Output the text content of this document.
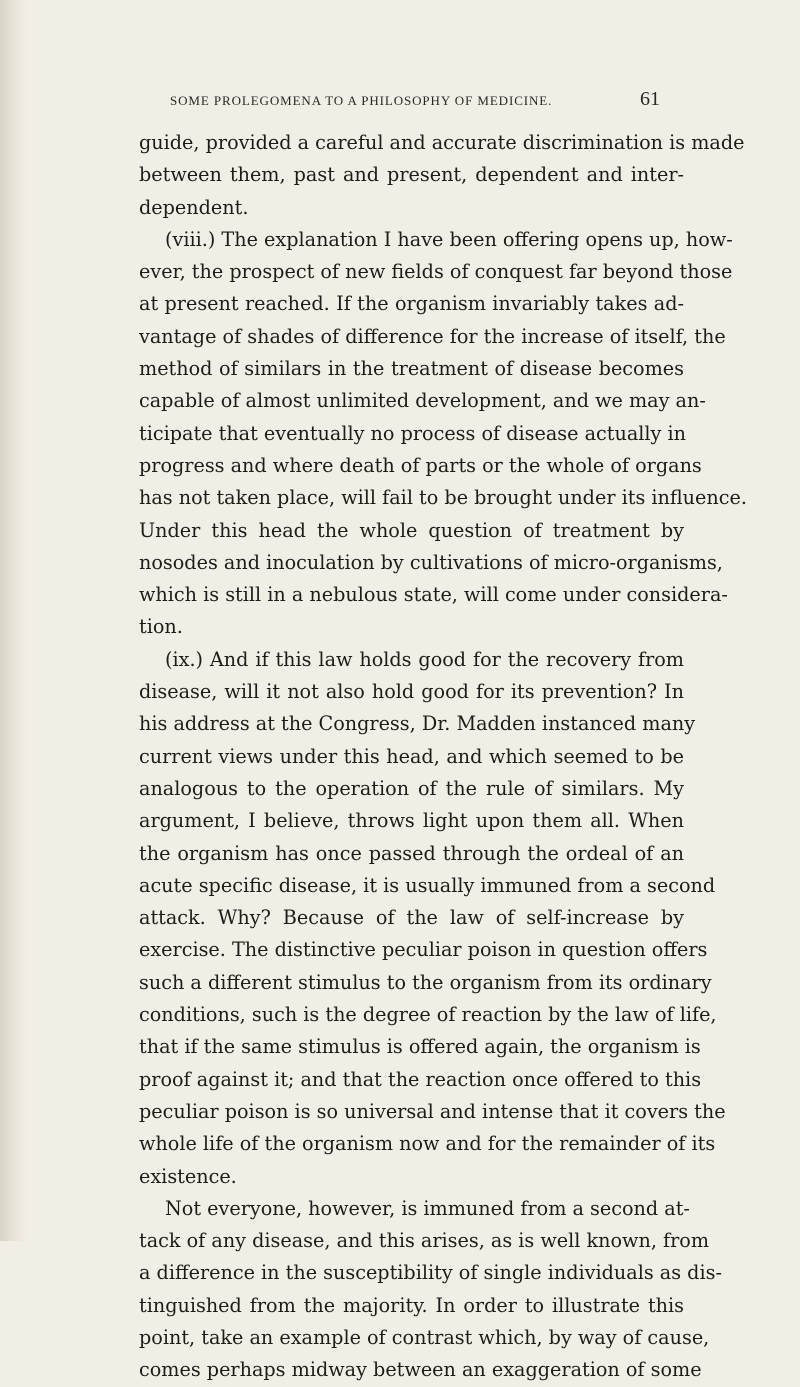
SOME PROLEGOMENA TO A PHILOSOPHY OF MEDICINE.	61
guide, provided a careful and accurate discrimination is made
between them, past and present, dependent and inter-
dependent.
(viii.) The explanation I have been offering opens up, how-
ever, the prospect of new fields of conquest far beyond those
at present reached. If the organism invariably takes ad-
vantage of shades of difference for the increase of itself, the
method of similars in the treatment of disease becomes
capable of almost unlimited development, and we may an-
ticipate that eventually no process of disease actually in
progress and where death of parts or the whole of organs
has not taken place, will fail to be brought under its influence.
Under this head the whole question of treatment by
nosodes and inoculation by cultivations of micro-organisms,
which is still in a nebulous state, will come under considera-
tion.
(ix.) And if this law holds good for the recovery from
disease, will it not also hold good for its prevention? In
his address at the Congress, Dr. Madden instanced many
current views under this head, and which seemed to be
analogous to the operation of the rule of similars. My
argument, I believe, throws light upon them all. When
the organism has once passed through the ordeal of an
acute specific disease, it is usually immuned from a second
attack. Why? Because of the law of self-increase by
exercise. The distinctive peculiar poison in question offers
such a different stimulus to the organism from its ordinary
conditions, such is the degree of reaction by the law of life,
that if the same stimulus is offered again, the organism is
proof against it; and that the reaction once offered to this
peculiar poison is so universal and intense that it covers the
whole life of the organism now and for the remainder of its
existence.
Not everyone, however, is immuned from a second at-
tack of any disease, and this arises, as is well known, from
a difference in the susceptibility of single individuals as dis-
tinguished from the majority. In order to illustrate this
point, take an example of contrast which, by way of cause,
comes perhaps midway between an exaggeration of some
